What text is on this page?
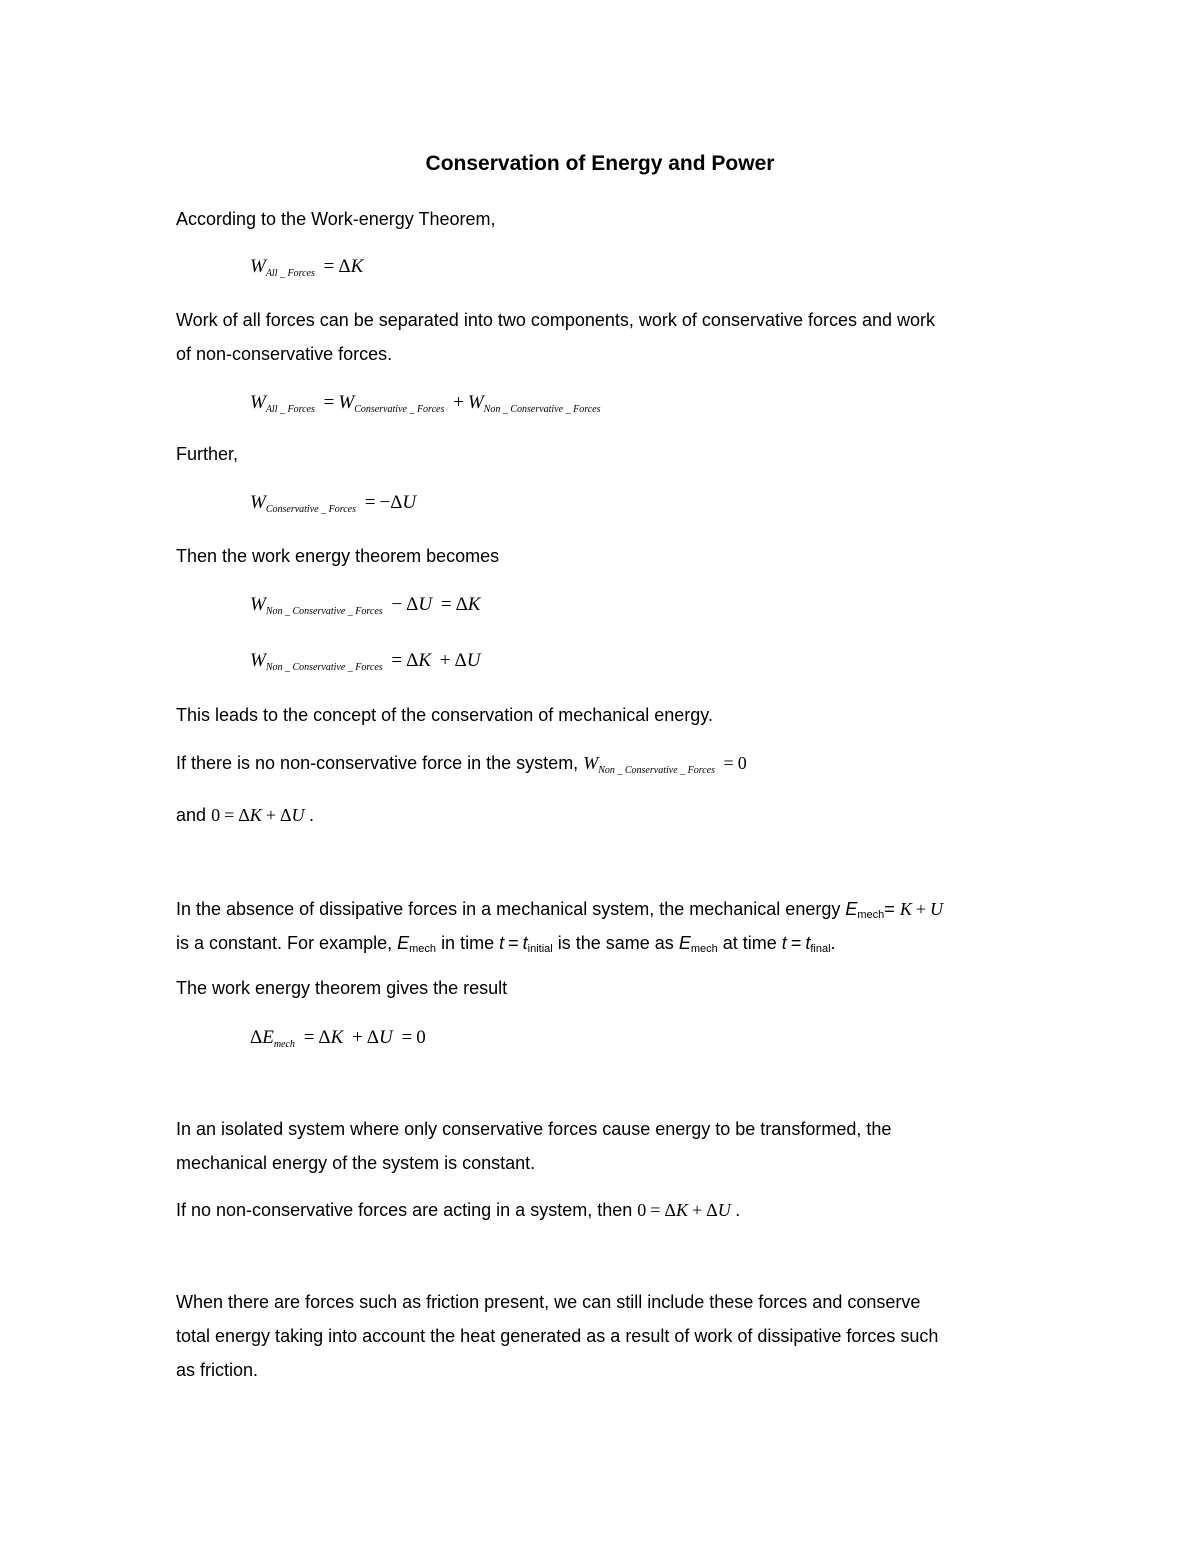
Conservation of Energy and Power
According to the Work-energy Theorem,
$W_{All \_ Forces} = \Delta K$
Work of all forces can be separated into two components, work of conservative forces and work
of non-conservative forces.
$W_{All \_ Forces} = W_{Conservative \_ Forces} + W_{Non \_ Conservative \_ Forces}$
Further,
$W_{Conservative \_ Forces} = -\Delta U$
Then the work energy theorem becomes
$W_{Non \_ Conservative \_ Forces} - \Delta U = \Delta K$
$W_{Non \_ Conservative \_ Forces} = \Delta K + \Delta U$
This leads to the concept of the conservation of mechanical energy.
If there is no non-conservative force in the system, $W_{Non \_ Conservative \_ Forces} = 0$
and 0 = ΔK + ΔU .
In the absence of dissipative forces in a mechanical system, the mechanical energy Emech= K + U
is a constant. For example, Emech in time t = tinitial is the same as Emech at time t = tfinal.
The work energy theorem gives the result
$\Delta E_{mech} = \Delta K + \Delta U = 0$
In an isolated system where only conservative forces cause energy to be transformed, the
mechanical energy of the system is constant.
If no non-conservative forces are acting in a system, then 0 = ΔK + ΔU .
When there are forces such as friction present, we can still include these forces and conserve
total energy taking into account the heat generated as a result of work of dissipative forces such
as friction.
